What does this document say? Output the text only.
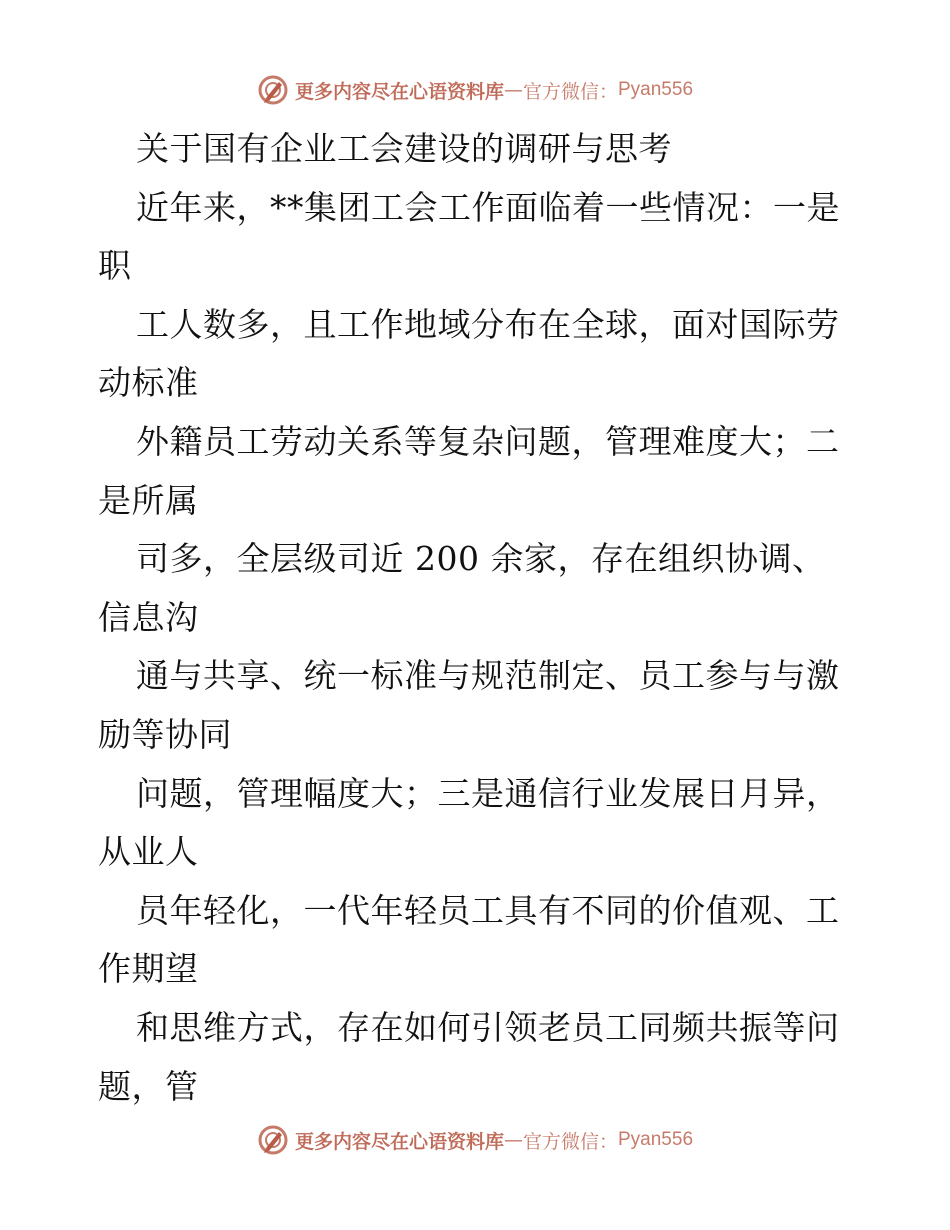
更多内容尽在心语资料库 — 官方微信： Pyan556
关于国有企业工会建设的调研与思考
近年来，**集团工会工作面临着一些情况：一是
职
工人数多，且工作地域分布在全球，面对国际劳
动标准
外籍员工劳动关系等复杂问题，管理难度大；二
是所属
司多，全层级司近 200 余家，存在组织协调、
信息沟
通与共享、统一标准与规范制定、员工参与与激
励等协同
问题，管理幅度大；三是通信行业发展日月异，
从业人
员年轻化，一代年轻员工具有不同的价值观、工
作期望
和思维方式，存在如何引领老员工同频共振等问
题，管
更多内容尽在心语资料库 — 官方微信： Pyan556
